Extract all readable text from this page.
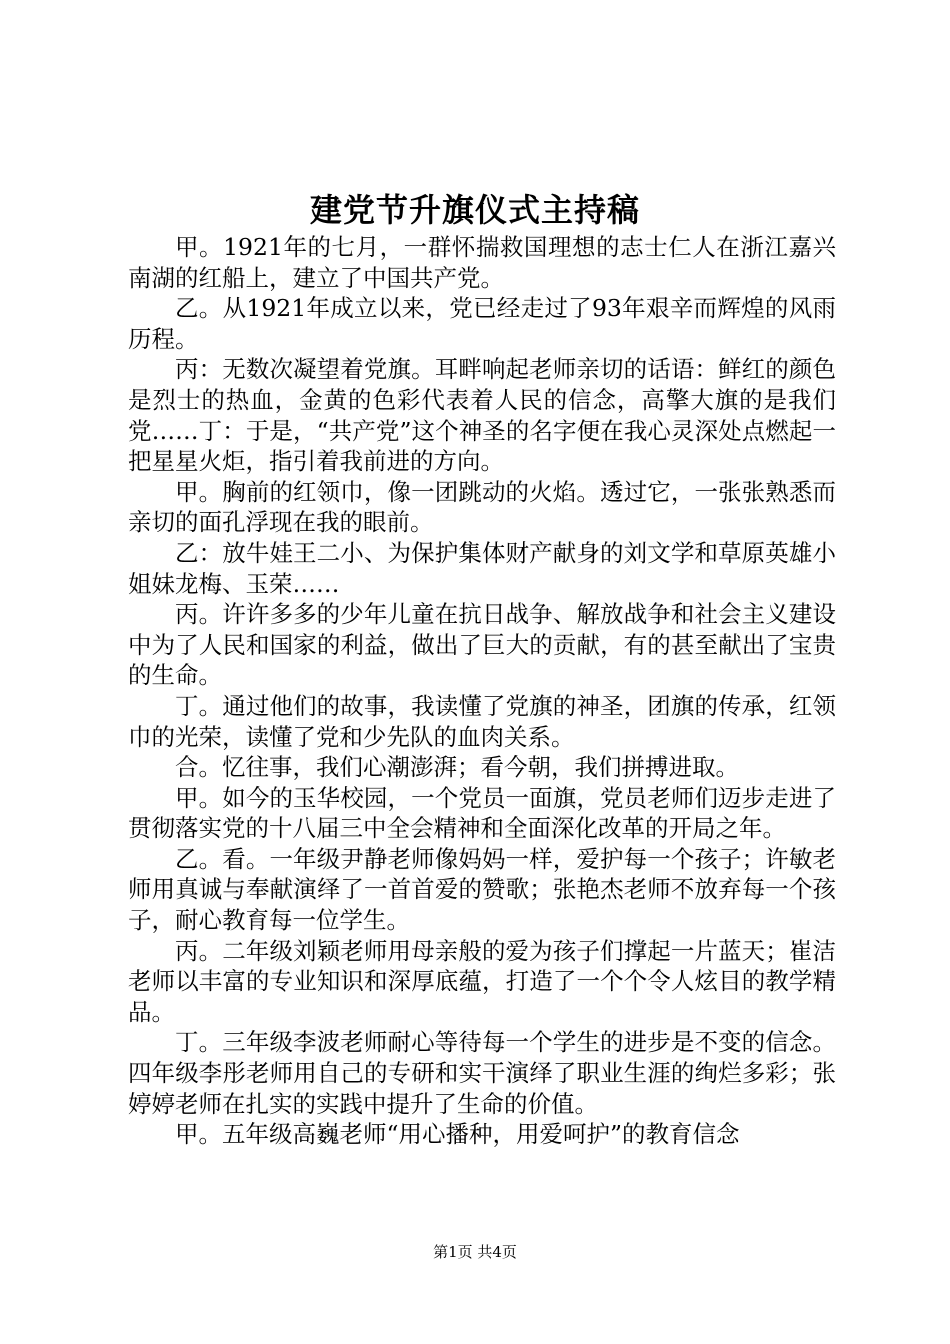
建党节升旗仪式主持稿

甲。1921年的七月，一群怀揣救国理想的志士仁人在浙江嘉兴南湖的红船上，建立了中国共产党。

乙。从1921年成立以来，党已经走过了93年艰辛而辉煌的风雨历程。

丙：无数次凝望着党旗。耳畔响起老师亲切的话语：鲜红的颜色是烈士的热血，金黄的色彩代表着人民的信念，高擎大旗的是我们党……丁：于是，“共产党”这个神圣的名字便在我心灵深处点燃起一把星星火炬，指引着我前进的方向。

甲。胸前的红领巾，像一团跳动的火焰。透过它，一张张熟悉而亲切的面孔浮现在我的眼前。

乙：放牛娃王二小、为保护集体财产献身的刘文学和草原英雄小姐妹龙梅、玉荣……

丙。许许多多的少年儿童在抗日战争、解放战争和社会主义建设中为了人民和国家的利益，做出了巨大的贡献，有的甚至献出了宝贵的生命。

丁。通过他们的故事，我读懂了党旗的神圣，团旗的传承，红领巾的光荣，读懂了党和少先队的血肉关系。

合。忆往事，我们心潮澎湃；看今朝，我们拼搏进取。

甲。如今的玉华校园，一个党员一面旗，党员老师们迈步走进了贯彻落实党的十八届三中全会精神和全面深化改革的开局之年。

乙。看。一年级尹静老师像妈妈一样，爱护每一个孩子；许敏老师用真诚与奉献演绎了一首首爱的赞歌；张艳杰老师不放弃每一个孩子，耐心教育每一位学生。

丙。二年级刘颖老师用母亲般的爱为孩子们撑起一片蓝天；崔洁老师以丰富的专业知识和深厚底蕴，打造了一个个令人炫目的教学精品。

丁。三年级李波老师耐心等待每一个学生的进步是不变的信念。四年级李彤老师用自己的专研和实干演绎了职业生涯的绚烂多彩；张婷婷老师在扎实的实践中提升了生命的价值。

甲。五年级高巍老师“用心播种，用爱呵护”的教育信念

第1页 共4页
